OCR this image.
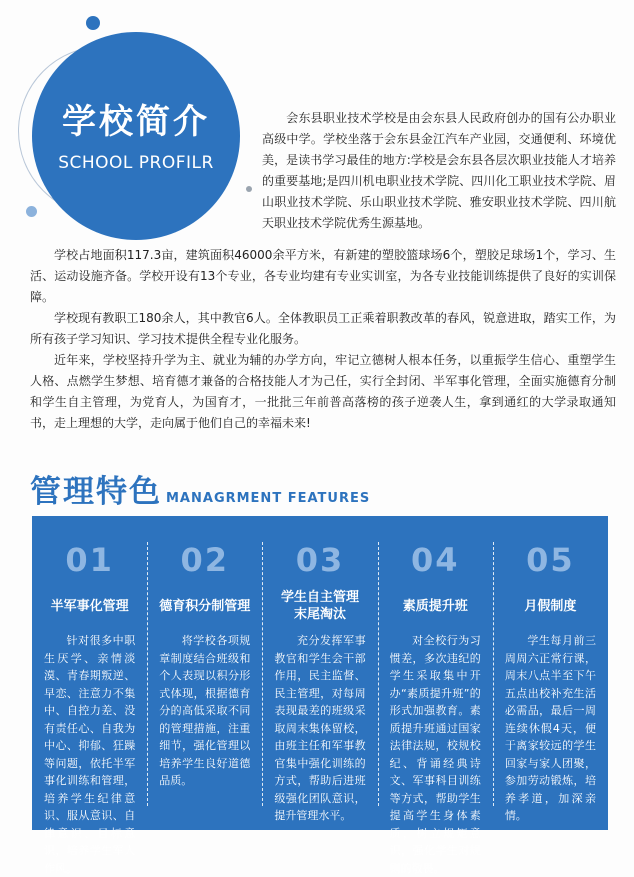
学校简介
SCHOOL PROFILR
会东县职业技术学校是由会东县人民政府创办的国有公办职业高级中学。学校坐落于会东县金江汽车产业园，交通便利、环境优美，是读书学习最佳的地方:学校是会东县各层次职业技能人才培养的重要基地;是四川机电职业技术学院、四川化工职业技术学院、眉山职业技术学院、乐山职业技术学院、雅安职业技术学院、四川航天职业技术学院优秀生源基地。

学校占地面积117.3亩，建筑面积46000余平方米，有新建的塑胶篮球场6个，塑胶足球场1个，学习、生活、运动设施齐备。学校开设有13个专业，各专业均建有专业实训室，为各专业技能训练提供了良好的实训保障。

学校现有教职工180余人，其中教官6人。全体教职员工正乘着职教改革的春风，锐意进取，踏实工作，为所有孩子学习知识、学习技术提供全程专业化服务。

近年来，学校坚持升学为主、就业为辅的办学方向，牢记立德树人根本任务，以重振学生信心、重塑学生人格、点燃学生梦想、培育德才兼备的合格技能人才为己任，实行全封闭、半军事化管理，全面实施德育分制和学生自主管理，为党育人，为国育才，一批批三年前普高落榜的孩子逆袭人生，拿到通红的大学录取通知书，走上理想的大学，走向属于他们自己的幸福未来!

管理特色 MANAGRMENT FEATURES
01
半军事化管理
针对很多中职生厌学、亲情淡漠、青春期叛逆、早恋、注意力不集中、自控力差、没有责任心、自我为中心、抑郁、狂躁等问题，依托半军事化训练和管理，培养学生纪律意识、服从意识、自律意识、目标意识，培养学生军人作风。
02
德育积分制管理
将学校各项规章制度结合班级和个人表现以积分形式体现，根据德育分的高低采取不同的管理措施，注重细节，强化管理以培养学生良好道德品质。
03
学生自主管理
末尾淘汰
充分发挥军事教官和学生会干部作用，民主监督、民主管理，对每周表现最差的班级采取周末集体留校，由班主任和军事教官集中强化训练的方式，帮助后进班级强化团队意识，提升管理水平。
04
素质提升班
对全校行为习惯差，多次违纪的学生采取集中开办“素质提升班”的形式加强教育。素质提升班通过国家法律法规，校规校纪、背诵经典诗文、军事科目训练等方式，帮助学生提高学生身体素质，树立规矩意识，强化学生对规则的敬畏。
05
月假制度
学生每月前三周周六正常行课，周末八点半至下午五点出校补充生活必需品，最后一周连续休假4天，便于离家较远的学生回家与家人团聚，参加劳动锻炼，培养孝道，加深亲情。
